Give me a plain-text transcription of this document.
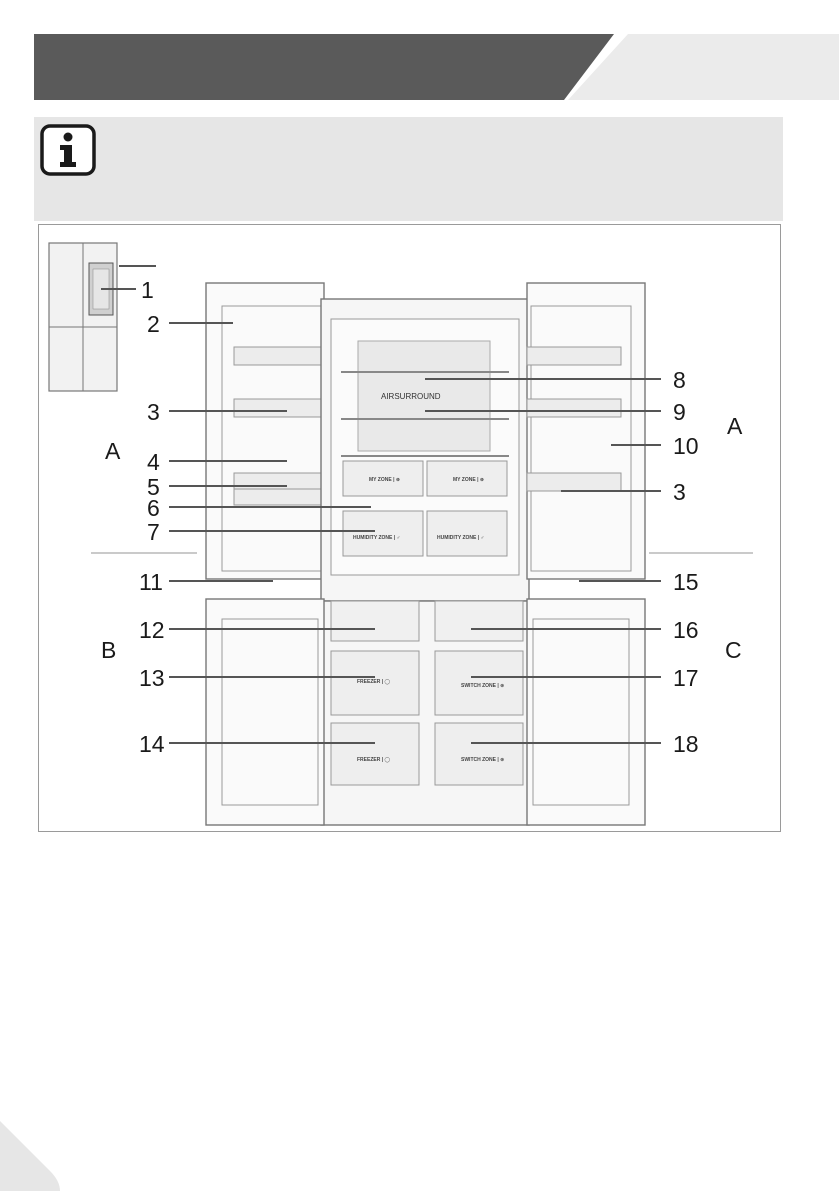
AIRSURROUND
MY ZONE | ⊕	MY ZONE | ⊕
HUMIDITY ZONE | ♂	HUMIDITY ZONE | ♂
FREEZER | ◯
FREEZER | ◯
SWITCH ZONE | ⊛
SWITCH ZONE | ⊛
1
2
3
4
5
6
7
8
9
10
3
11
12
13
14
15
16
17
18
A
A
B	C
